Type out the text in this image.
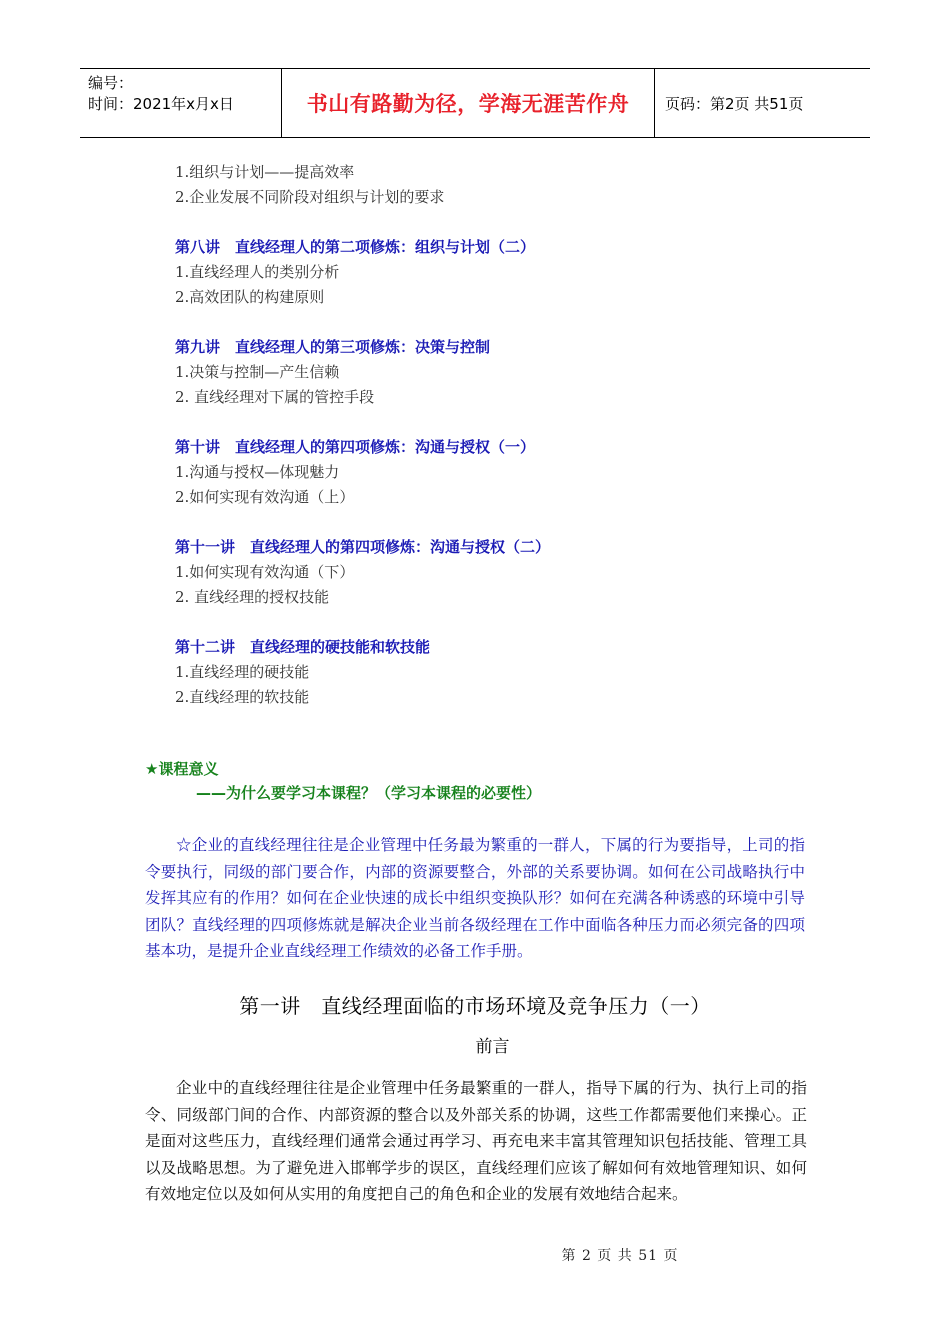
编号：
时间：2021年x月x日	书山有路勤为径，学海无涯苦作舟	页码：第2页 共51页
1.组织与计划——提高效率
2.企业发展不同阶段对组织与计划的要求
第八讲　直线经理人的第二项修炼：组织与计划（二）
1.直线经理人的类别分析
2.高效团队的构建原则
第九讲　直线经理人的第三项修炼：决策与控制
1.决策与控制—产生信赖
2. 直线经理对下属的管控手段
第十讲　直线经理人的第四项修炼：沟通与授权（一）
1.沟通与授权—体现魅力
2.如何实现有效沟通（上）
第十一讲　直线经理人的第四项修炼：沟通与授权（二）
1.如何实现有效沟通（下）
2. 直线经理的授权技能
第十二讲　直线经理的硬技能和软技能
1.直线经理的硬技能
2.直线经理的软技能
★课程意义
——为什么要学习本课程？（学习本课程的必要性）
☆企业的直线经理往往是企业管理中任务最为繁重的一群人，下属的行为要指导，上司的指令要执行，同级的部门要合作，内部的资源要整合，外部的关系要协调。如何在公司战略执行中发挥其应有的作用？如何在企业快速的成长中组织变换队形？如何在充满各种诱惑的环境中引导团队？直线经理的四项修炼就是解决企业当前各级经理在工作中面临各种压力而必须完备的四项基本功，是提升企业直线经理工作绩效的必备工作手册。
第一讲　直线经理面临的市场环境及竞争压力（一）
前言
企业中的直线经理往往是企业管理中任务最繁重的一群人，指导下属的行为、执行上司的指令、同级部门间的合作、内部资源的整合以及外部关系的协调，这些工作都需要他们来操心。正是面对这些压力，直线经理们通常会通过再学习、再充电来丰富其管理知识包括技能、管理工具以及战略思想。为了避免进入邯郸学步的误区，直线经理们应该了解如何有效地管理知识、如何有效地定位以及如何从实用的角度把自己的角色和企业的发展有效地结合起来。
第 2 页 共 51 页
